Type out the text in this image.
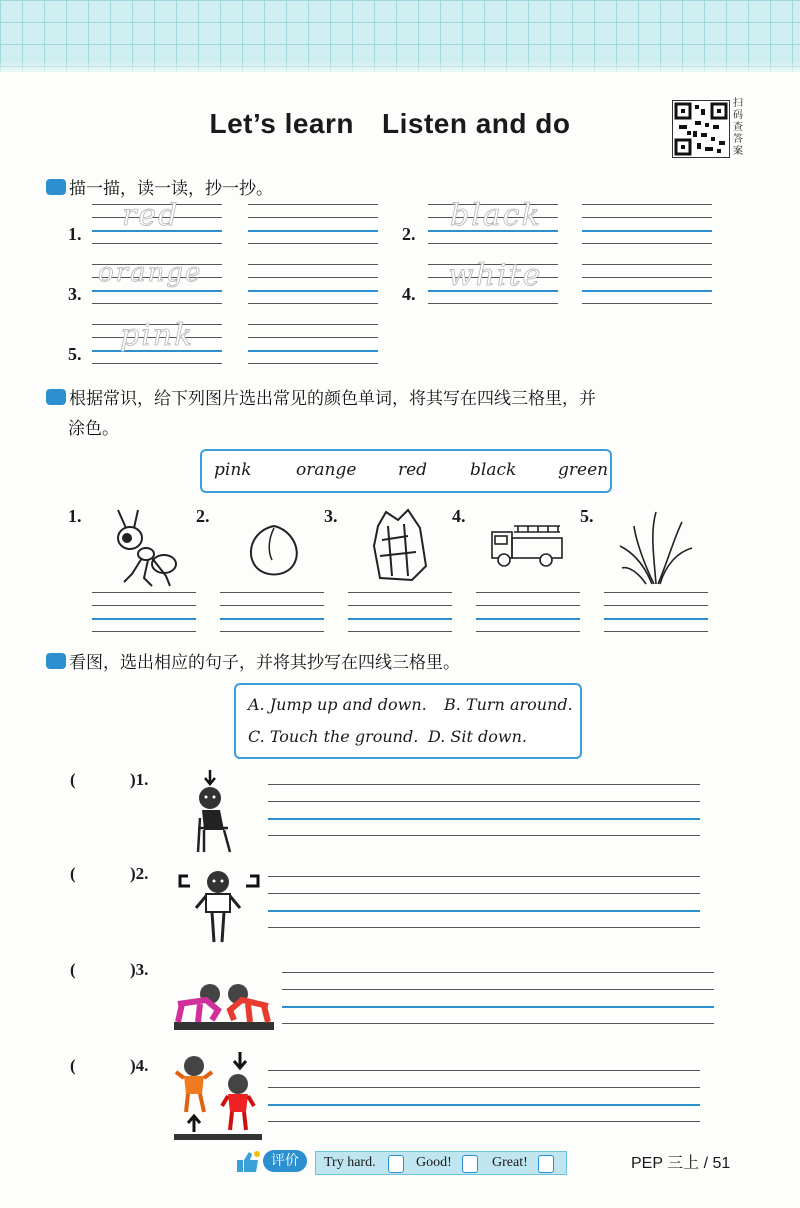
Let’s learn Listen and do
扫码查答案
描一描，读一读，抄一抄。
1.
red
2.
black
3.
orange
4.
white
5.
pink
根据常识，给下列图片选出常见的颜色单词，将其写在四线三格里，并
涂色。
pink	orange red	black green
1.	2.	3.	4.	5.
看图，选出相应的句子，并将其抄写在四线三格里。
A. Jump up and down. B. Turn around.
C. Touch the ground. D. Sit down.
(	)1.
(	)2.
(	)3.
(	)4.
评价	Try hard.	Good!	Great!	PEP 三上 / 51
